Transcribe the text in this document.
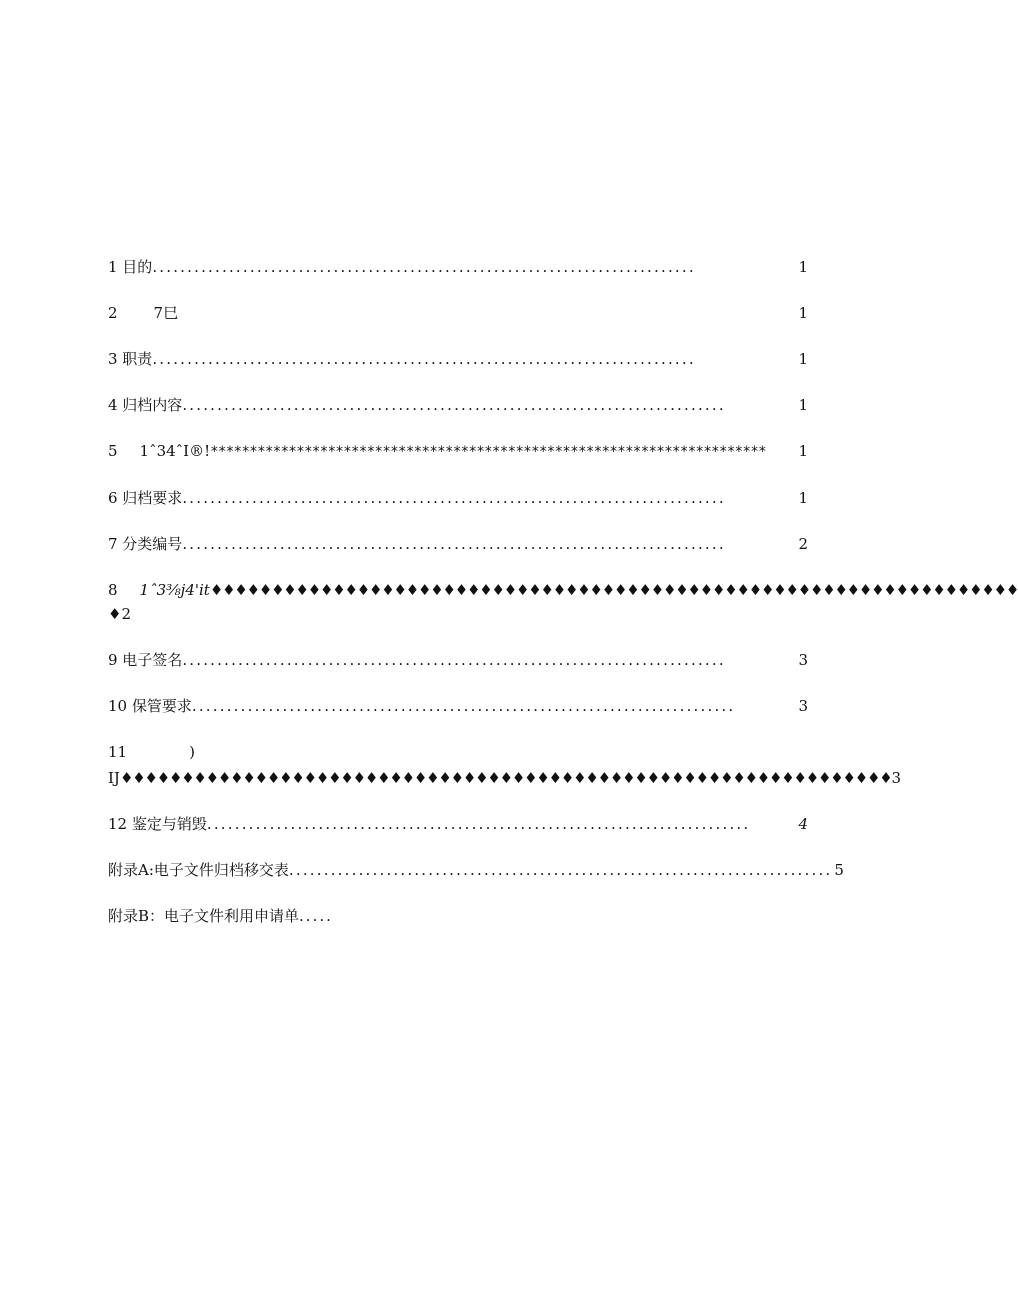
1 目的 ..............................................................................	1
2 7巳	1
3 职责 ..............................................................................	1
4 归档内容 ..............................................................................	1
5 1ˆ34ˆI®! ***********************************************************************	1
6 归档要求 ..............................................................................	1
7 分类编号 ..............................................................................	2
8 1ˆ3⅜j4'it♦♦♦♦♦♦♦♦♦♦♦♦♦♦♦♦♦♦♦♦♦♦♦♦♦♦♦♦♦♦♦♦♦♦♦♦♦♦♦♦♦♦♦♦♦♦♦♦♦♦♦♦♦♦♦♦♦♦♦♦♦♦♦♦♦♦
♦2
9 电子签名 ..............................................................................	3
10 保管要求 ..............................................................................	3
11	)
IJ♦♦♦♦♦♦♦♦♦♦♦♦♦♦♦♦♦♦♦♦♦♦♦♦♦♦♦♦♦♦♦♦♦♦♦♦♦♦♦♦♦♦♦♦♦♦♦♦♦♦♦♦♦♦♦♦♦♦♦♦♦♦♦3
12 鉴定与销毁 ..............................................................................	4
附录A:电子文件归档移交表 .............................................................................. 5
附录B：电子文件利用申请单 .....
